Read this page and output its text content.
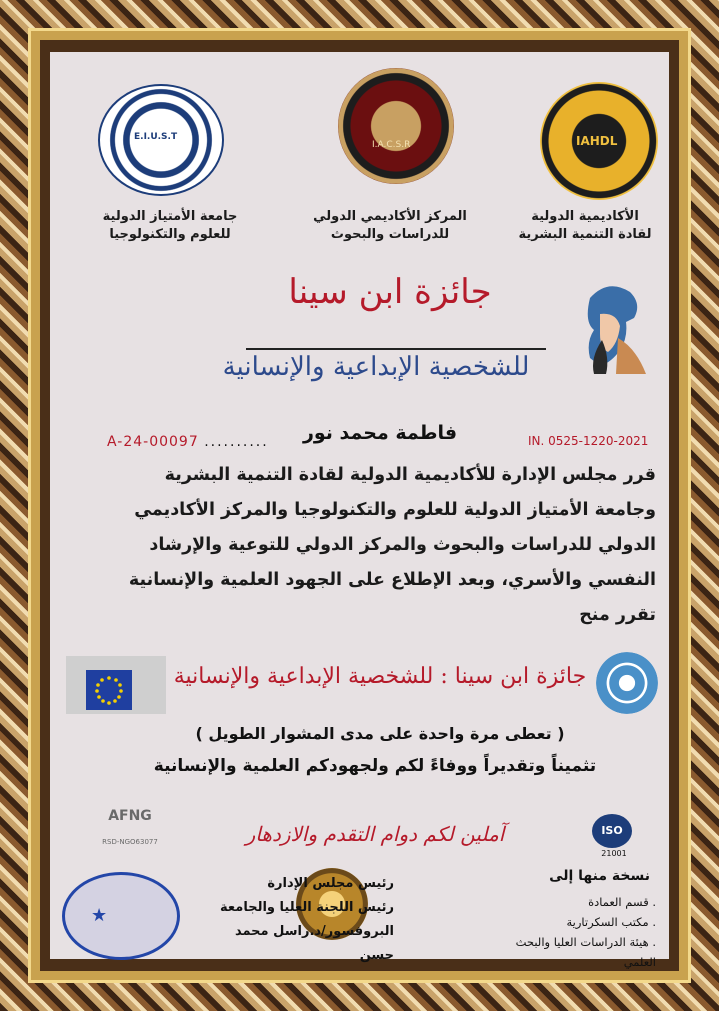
E.I.U.S.T
I.A.C.S.R	IAHDL
جامعة الأمتياز الدولية
للعلوم والتكنولوجيا
المركز الأكاديمي الدولي
للدراسات والبحوث
الأكاديمية الدولية
لقادة التنمية البشرية
جائزة ابن سينا
للشخصية الإبداعية والإنسانية
A-24-00097 ..........	فاطمة محمد نور	IN. 0525-1220-2021
قرر مجلس الإدارة للأكاديمية الدولية لقادة التنمية البشرية
وجامعة الأمتياز الدولية للعلوم والتكنولوجيا والمركز الأكاديمي
الدولي للدراسات والبحوث والمركز الدولي للتوعية والإرشاد
النفسي والأسري، وبعد الإطلاع على الجهود العلمية والإنسانية
تقرر منح
جائزة ابن سينا : للشخصية الإبداعية والإنسانية
( تعطى مرة واحدة على مدى المشوار الطويل )
تثميناً وتقديراً ووفاءً لكم ولجهودكم العلمية والإنسانية
AFNG
RSD-NGO63077	آملين لكم دوام التقدم والازدهار	ISO
21001
★
رئيس مجلس الإدارة
رئيس اللجنة العليا والجامعة
البروفسور/د.راسل محمد حسن
نسخة منها إلى
. قسم العمادة
. مكتب السكرتارية
. هيئة الدراسات العليا والبحث العلمي
